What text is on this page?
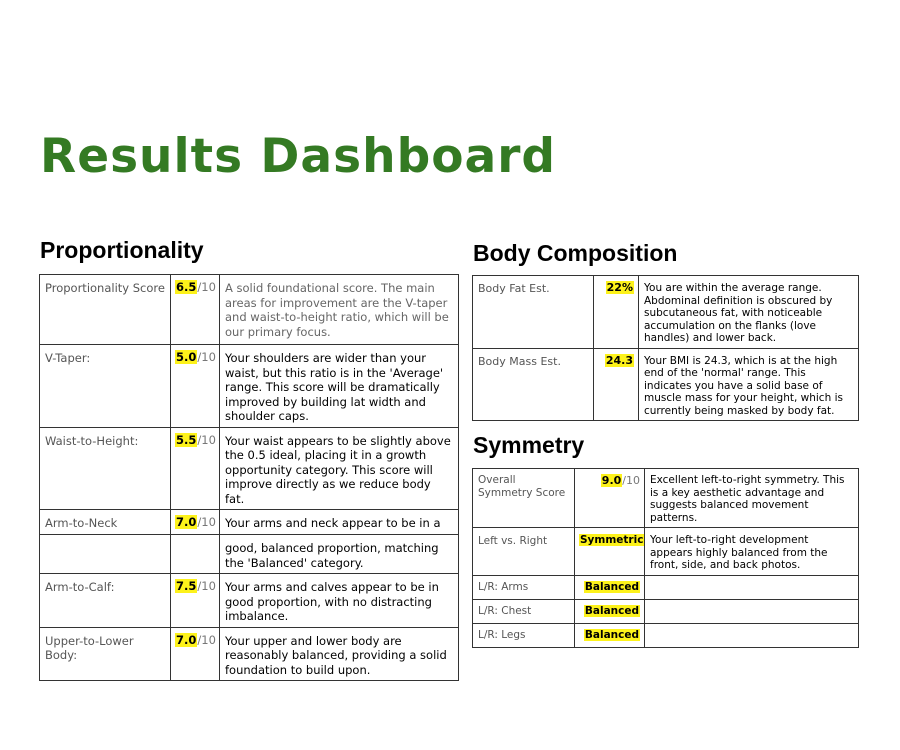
Results Dashboard
Proportionality
Proportionality Score	6.5/10	A solid foundational score. The main areas for improvement are the V-taper and waist-to-height ratio, which will be our primary focus.
V-Taper:	5.0/10	Your shoulders are wider than your waist, but this ratio is in the 'Average' range. This score will be dramatically improved by building lat width and shoulder caps.
Waist-to-Height:	5.5/10	Your waist appears to be slightly above the 0.5 ideal, placing it in a growth opportunity category. This score will improve directly as we reduce body fat.
Arm-to-Neck	7.0/10	Your arms and neck appear to be in a
		good, balanced proportion, matching the 'Balanced' category.
Arm-to-Calf:	7.5/10	Your arms and calves appear to be in good proportion, with no distracting imbalance.
Upper-to-Lower Body:	7.0/10	Your upper and lower body are reasonably balanced, providing a solid foundation to build upon.
Body Composition
Body Fat Est.	22%	You are within the average range. Abdominal definition is obscured by subcutaneous fat, with noticeable accumulation on the flanks (love handles) and lower back.
Body Mass Est.	24.3	Your BMI is 24.3, which is at the high end of the 'normal' range. This indicates you have a solid base of muscle mass for your height, which is currently being masked by body fat.
Symmetry
Overall Symmetry Score	9.0/10	Excellent left-to-right symmetry. This is a key aesthetic advantage and suggests balanced movement patterns.
Left vs. Right	Symmetric	Your left-to-right development appears highly balanced from the front, side, and back photos.
L/R: Arms	Balanced	
L/R: Chest	Balanced	
L/R: Legs	Balanced	
